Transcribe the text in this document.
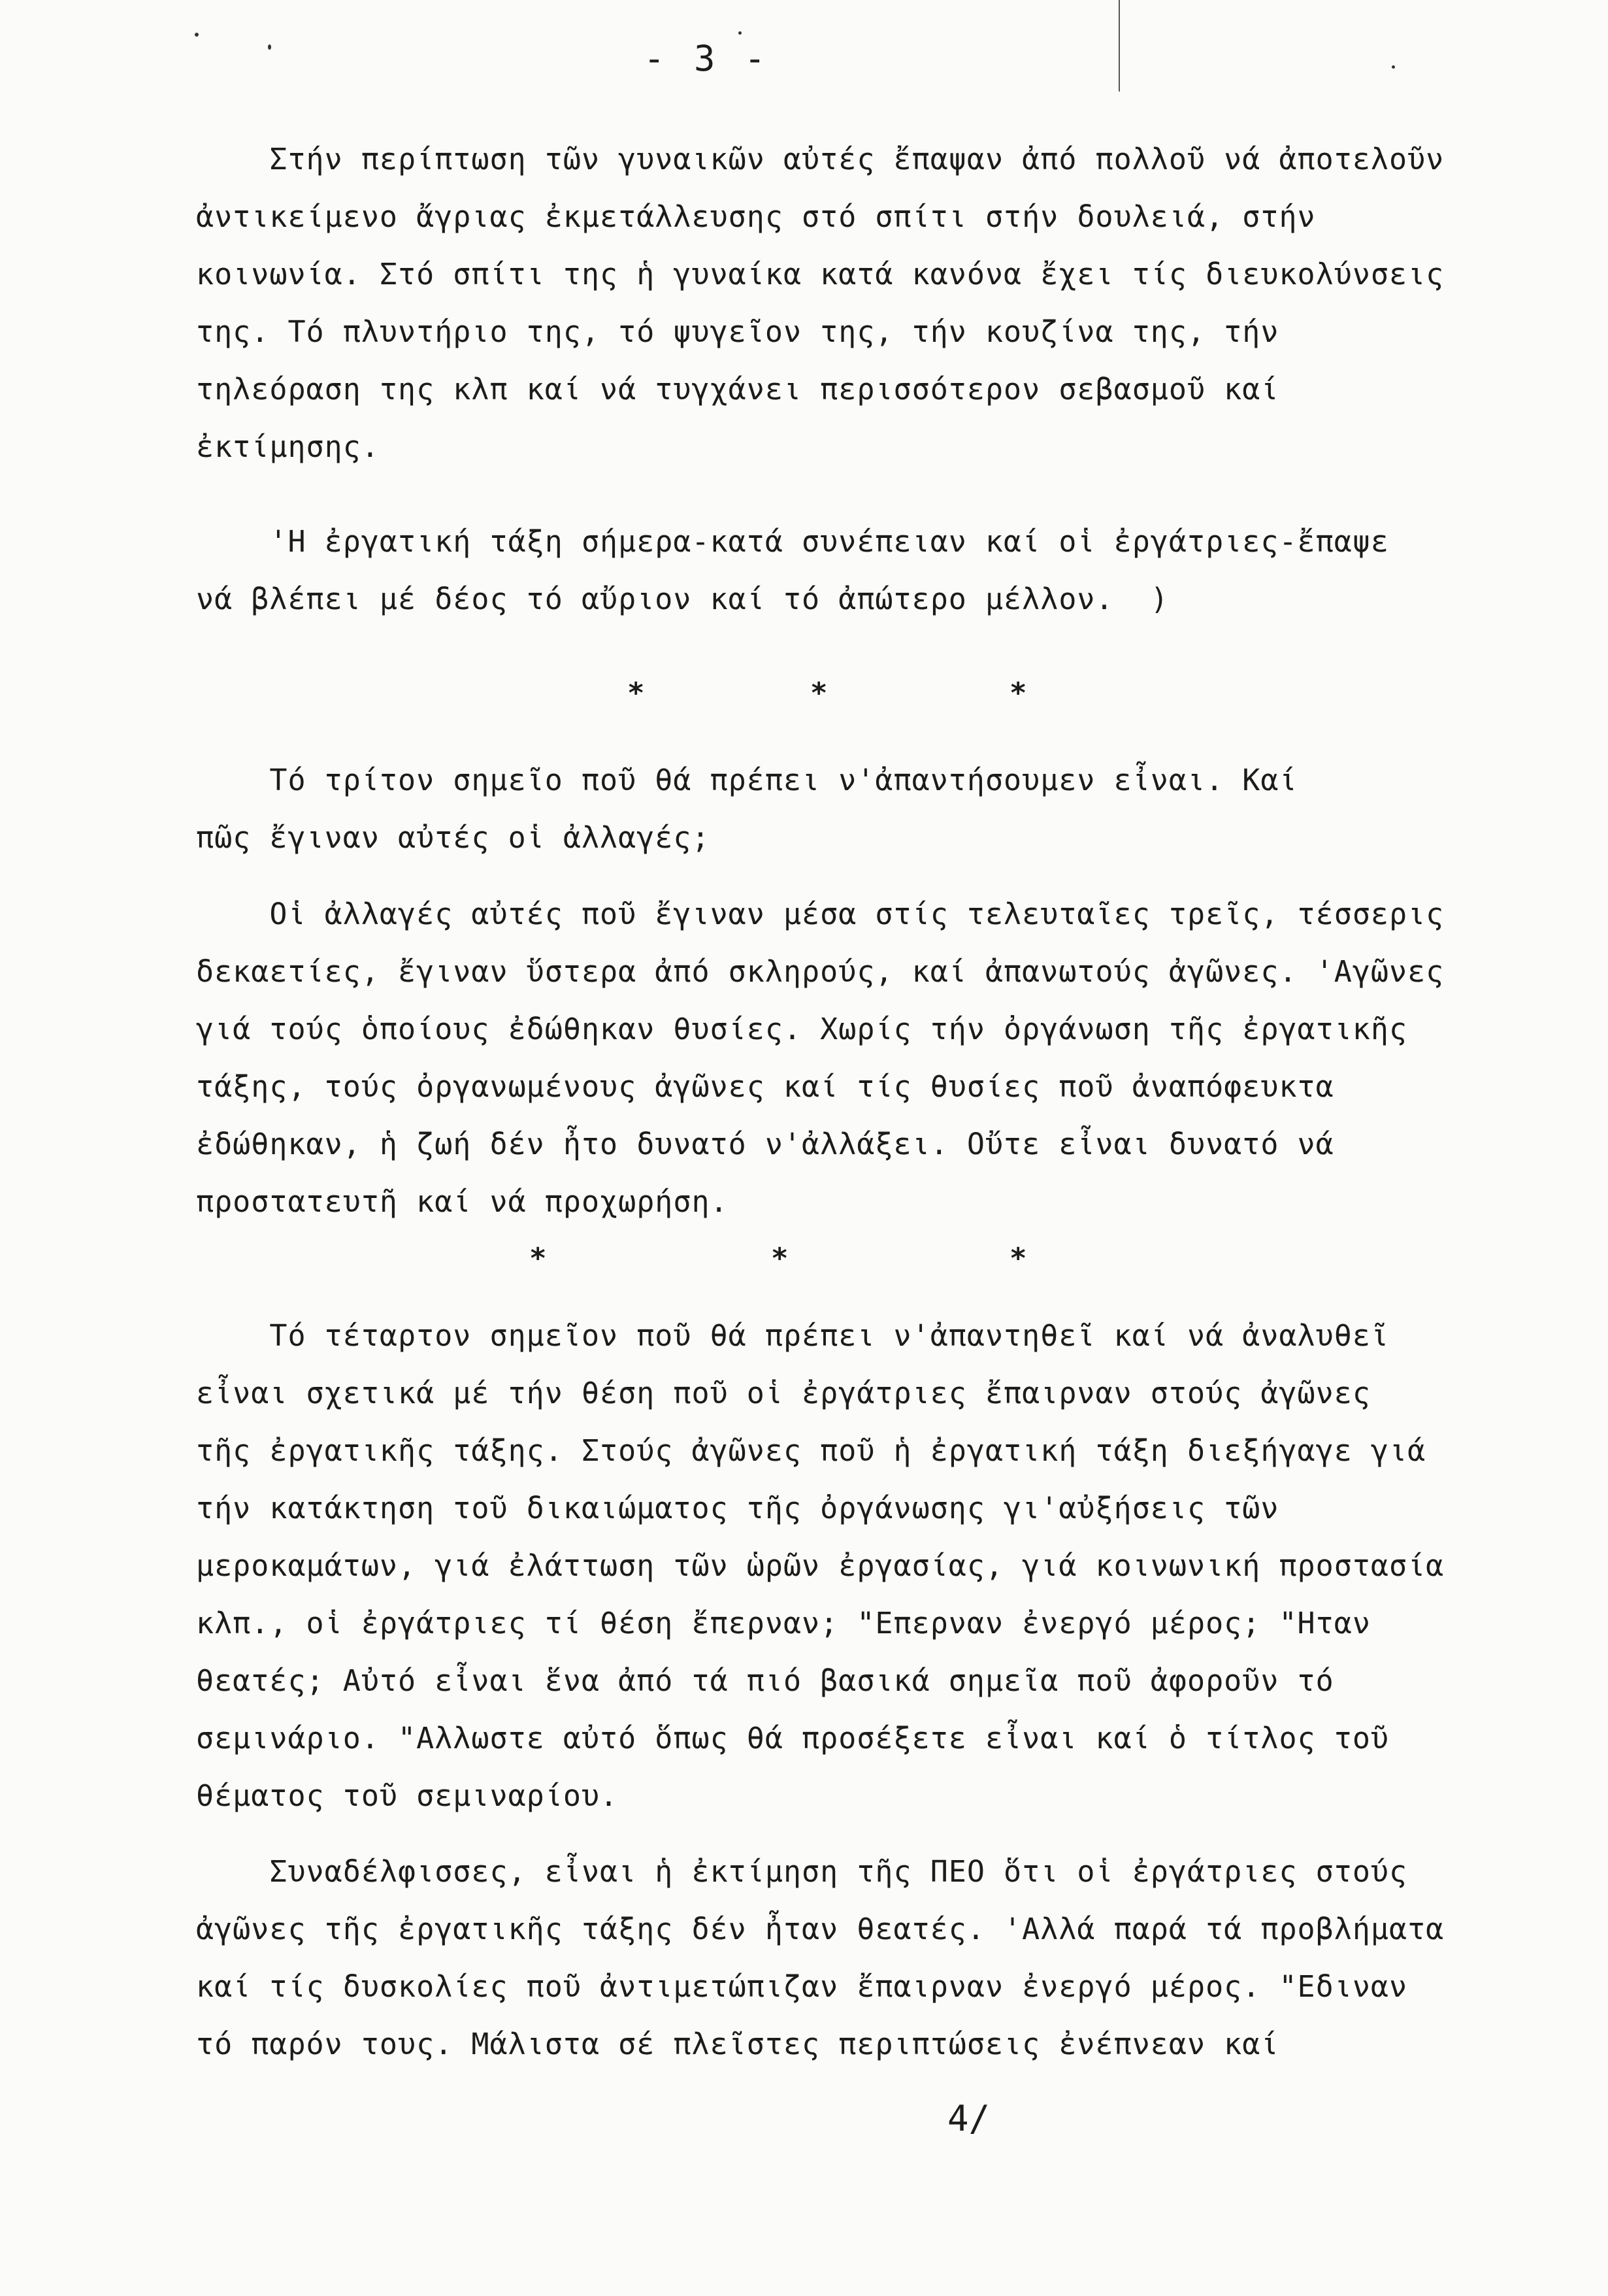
- 3 -
Στήν περίπτωση τῶν γυναικῶν αὐτές ἔπαψαν ἀπό πολλοῦ νά ἀποτελοῦν
ἀντικείμενο ἄγριας ἐκμετάλλευσης στό σπίτι στήν δουλειά, στήν
κοινωνία. Στό σπίτι της ἡ γυναίκα κατά κανόνα ἔχει τίς διευκολύνσεις
της. Τό πλυντήριο της, τό ψυγεῖον της, τήν κουζίνα της, τήν
τηλεόραση της κλπ καί νά τυγχάνει περισσότερον σεβασμοῦ καί
ἐκτίμησης.
'Η ἐργατική τάξη σήμερα-κατά συνέπειαν καί οἱ ἐργάτριες-ἔπαψε
νά βλέπει μέ δέος τό αὔριον καί τό ἀπώτερο μέλλον.  )
*	*	*
Τό τρίτον σημεῖο ποῦ θά πρέπει ν'ἀπαντήσουμεν εἶναι. Καί
πῶς ἔγιναν αὐτές οἱ ἀλλαγές;
Οἱ ἀλλαγές αὐτές ποῦ ἔγιναν μέσα στίς τελευταῖες τρεῖς, τέσσερις
δεκαετίες, ἔγιναν ὕστερα ἀπό σκληρούς, καί ἀπανωτούς ἀγῶνες. 'Αγῶνες
γιά τούς ὁποίους ἐδώθηκαν θυσίες. Χωρίς τήν ὀργάνωση τῆς ἐργατικῆς
τάξης, τούς ὀργανωμένους ἀγῶνες καί τίς θυσίες ποῦ ἀναπόφευκτα
ἐδώθηκαν, ἡ ζωή δέν ἦτο δυνατό ν'ἀλλάξει. Οὔτε εἶναι δυνατό νά
προστατευτῆ καί νά προχωρήση.
*	*	*
Τό τέταρτον σημεῖον ποῦ θά πρέπει ν'ἀπαντηθεῖ καί νά ἀναλυθεῖ
εἶναι σχετικά μέ τήν θέση ποῦ οἱ ἐργάτριες ἔπαιρναν στούς ἀγῶνες
τῆς ἐργατικῆς τάξης. Στούς ἀγῶνες ποῦ ἡ ἐργατική τάξη διεξήγαγε γιά
τήν κατάκτηση τοῦ δικαιώματος τῆς ὀργάνωσης γι'αὐξήσεις τῶν
μεροκαμάτων, γιά ἐλάττωση τῶν ὡρῶν ἐργασίας, γιά κοινωνική προστασία
κλπ., οἱ ἐργάτριες τί θέση ἔπερναν; "Επερναν ἐνεργό μέρος; "Ηταν
θεατές; Αὐτό εἶναι ἕνα ἀπό τά πιό βασικά σημεῖα ποῦ ἀφοροῦν τό
σεμινάριο. "Αλλωστε αὐτό ὅπως θά προσέξετε εἶναι καί ὁ τίτλος τοῦ
θέματος τοῦ σεμιναρίου.
Συναδέλφισσες, εἶναι ἡ ἐκτίμηση τῆς ΠΕΟ ὅτι οἱ ἐργάτριες στούς
ἀγῶνες τῆς ἐργατικῆς τάξης δέν ἦταν θεατές. 'Αλλά παρά τά προβλήματα
καί τίς δυσκολίες ποῦ ἀντιμετώπιζαν ἔπαιρναν ἐνεργό μέρος. "Εδιναν
τό παρόν τους. Μάλιστα σέ πλεῖστες περιπτώσεις ἐνέπνεαν καί
4/
